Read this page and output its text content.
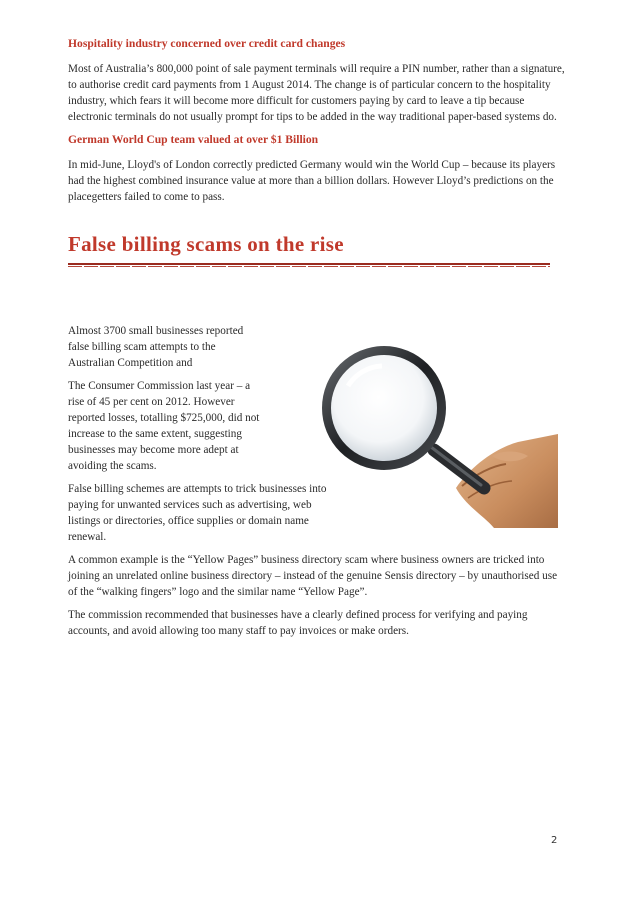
Hospitality industry concerned over credit card changes

Most of Australia’s 800,000 point of sale payment terminals will require a PIN number, rather than a signature, to authorise credit card payments from 1 August 2014. The change is of particular concern to the hospitality industry, which fears it will become more difficult for customers paying by card to leave a tip because electronic terminals do not usually prompt for tips to be added in the way traditional paper-based systems do.

German World Cup team valued at over $1 Billion

In mid-June, Lloyd's of London correctly predicted Germany would win the World Cup – because its players had the highest combined insurance value at more than a billion dollars. However Lloyd’s predictions on the placegetters failed to come to pass.

False billing scams on the rise

Almost 3700 small businesses reported false billing scam attempts to the Australian Competition and

The Consumer Commission last year – a rise of 45 per cent on 2012. However reported losses, totalling $725,000, did not increase to the same extent, suggesting businesses may become more adept at avoiding the scams.

False billing schemes are attempts to trick businesses into paying for unwanted services such as advertising, web listings or directories, office supplies or domain name renewal.

A common example is the “Yellow Pages” business directory scam where business owners are tricked into joining an unrelated online business directory – instead of the genuine Sensis directory – by unauthorised use of the “walking fingers” logo and the similar name “Yellow Page”.

The commission recommended that businesses have a clearly defined process for verifying and paying accounts, and avoid allowing too many staff to pay invoices or make orders.

2
